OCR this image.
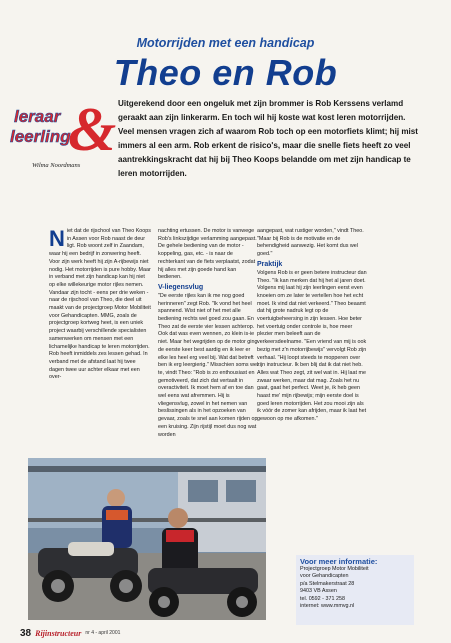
Motorrijden met een handicap
Theo en Rob
&
leraar
leerling
Wilma Noordmans
Uitgerekend door een ongeluk met zijn brommer is Rob Kerssens verlamd geraakt aan zijn linkerarm. En toch wil hij koste wat kost leren motorrijden. Veel mensen vragen zich af waarom Rob toch op een motorfiets klimt; hij mist immers al een arm. Rob erkent de risico's, maar die snelle fiets heeft zo veel aantrekkingskracht dat hij bij Theo Koops belandde om met zijn handicap te leren motorrijden.

Niet dat de rijschool van Theo Koops in Assen voor Rob naast de deur ligt. Rob woont zelf in Zaandam, waar hij een bedrijf in zonwering heeft. Voor zijn werk heeft hij zijn A-rijbewijs niet nodig. Het motorrijden is pure hobby. Maar in verband met zijn handicap kan hij niet op elke willekeurige motor rijles nemen. Vandaar zijn tocht - eens per drie weken - naar de rijschool van Theo, die deel uit maakt van de projectgroep Motor Mobiliteit voor Gehandicapten. MMG, zoals de projectgroep kortweg heet, is een uniek project waarbij verschillende specialisten samenwerken om mensen met een lichamelijke handicap te leren motorrijden. Rob heeft inmiddels zes lessen gehad. In verband met de afstand laat hij twee dagen twee uur achter elkaar met een over-

nachting ertussen. De motor is vanwege Rob's linkszijdige verlamming aangepast. De gehele bediening van de motor - koppeling, gas, etc. - is naar de rechterkant van de fiets verplaatst, zodat hij alles met zijn goede hand kan bedienen.

V-liegensvlug

"De eerste rijles kan ik me nog goed herinneren" zegt Rob. "Ik vond het heel spannend. Wist niet of het met alle bediening rechts wel goed zou gaan. En Theo zat de eerste vier lessen achterop. Ook dat was even wennen, zo klein is-ie niet. Maar het wegrijden op de motor ging de eerste keer best aardig en ik leer er elke les heel erg veel bij. Wat dat betreft ben ik erg leergierig." Misschien soms wel te, vindt Theo: "Rob is zo enthousiast en gemotiveerd, dat zich dat vertaalt in overactiviteit. Ik moet hem af en toe dan wel eens wat afremmen. Hij is vliegensvlug, zowel in het nemen van beslissingen als in het opzoeken van gevaar, zoals te snel aan komen rijden op een kruising. Zijn rijstijl moet dus nog wat worden

aangepast, wat rustiger worden," vindt Theo. "Maar bij Rob is de motivatie en de behendigheid aanwezig. Het komt dus wel goed."

Praktijk

Volgens Rob is er geen betere instructeur dan Theo. "Ik kan merken dat hij het al jaren doet. Volgens mij laat hij zijn leerlingen eerst even knoeien om ze later te vertellen hoe het echt moet. Ik vind dat niet verkeerd." Theo beaamt dat hij grote nadruk legt op de voertuigbeheersing in zijn lessen. Hoe beter het voertuig onder controle is, hoe meer plezier men beleeft aan de verkeersdeelname. "Een vriend van mij is ook bezig met z'n motorrijbewijs" vervolgt Rob zijn verhaal. "Hij loopt steeds te mopperen over zijn instructeur. Ik ben blij dat ik dat niet heb. Alles wat Theo zegt, zit wel wat in. Hij laat me zwaar werken, maar dat mag. Zoals het nu gaat, gaat het perfect. Weet je, ik heb geen haast me' mijn rijbewijs; mijn eerste doel is goed leren motorrijden. Het zou mooi zijn als ik vóór de zomer kan afrijden, maar ik laat het gewoon op me afkomen."

Voor meer informatie:
Projectgroep Motor Mobiliteit
voor Gehandicapten
p/a Stelmakerstraat 28
9403 VB Assen
tel. 0592 - 371 258
internet: www.mmvg.nl
38 Rijinstructeur nr 4 - april 2001
